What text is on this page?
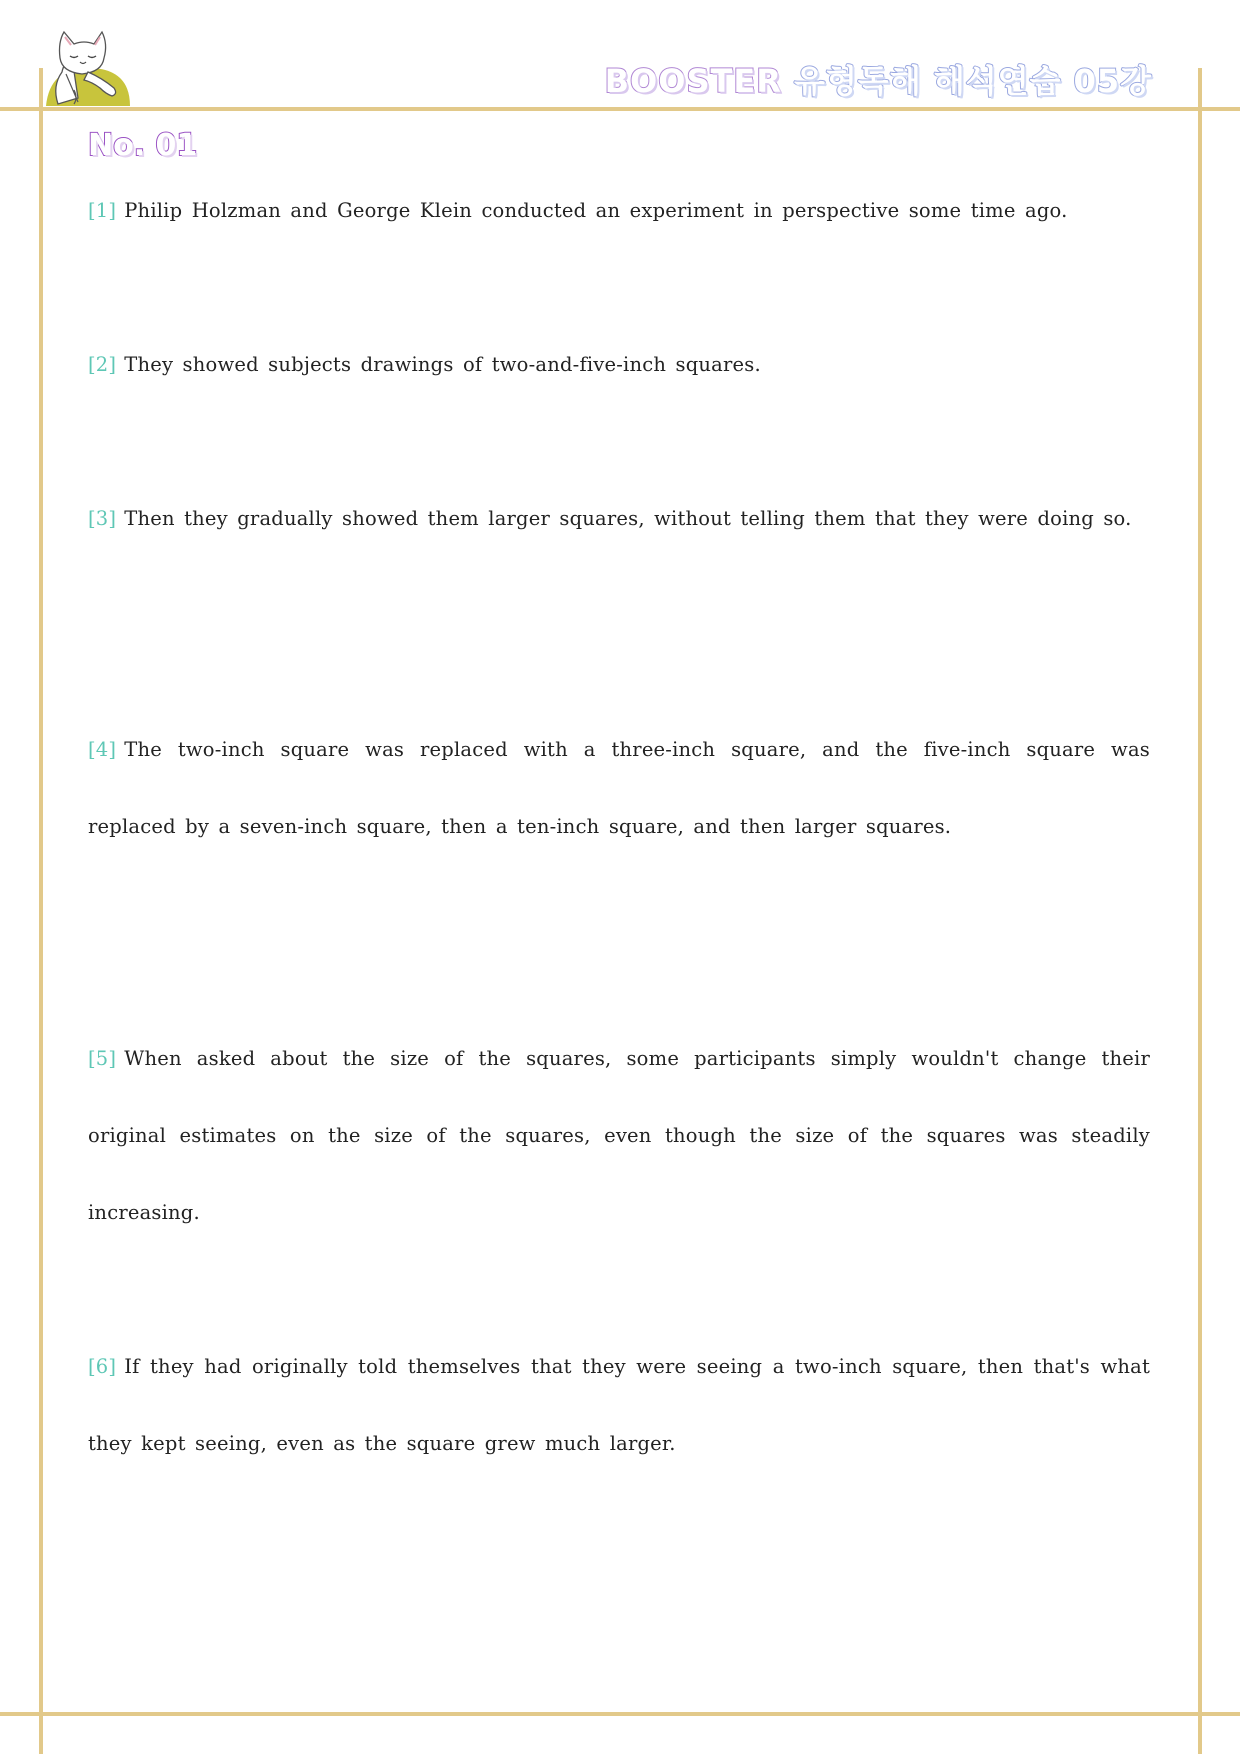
BOOSTER 유형독해 해석연습 05강
No. 01

[1] Philip Holzman and George Klein conducted an experiment in perspective some time ago.

[2] They showed subjects drawings of two-and-five-inch squares.

[3] Then they gradually showed them larger squares, without telling them that they were doing so.

[4] The two-inch square was replaced with a three-inch square, and the five-inch square was replaced by a seven-inch square, then a ten-inch square, and then larger squares.

[5] When asked about the size of the squares, some participants simply wouldn't change their original estimates on the size of the squares, even though the size of the squares was steadily increasing.

[6] If they had originally told themselves that they were seeing a two-inch square, then that's what they kept seeing, even as the square grew much larger.
